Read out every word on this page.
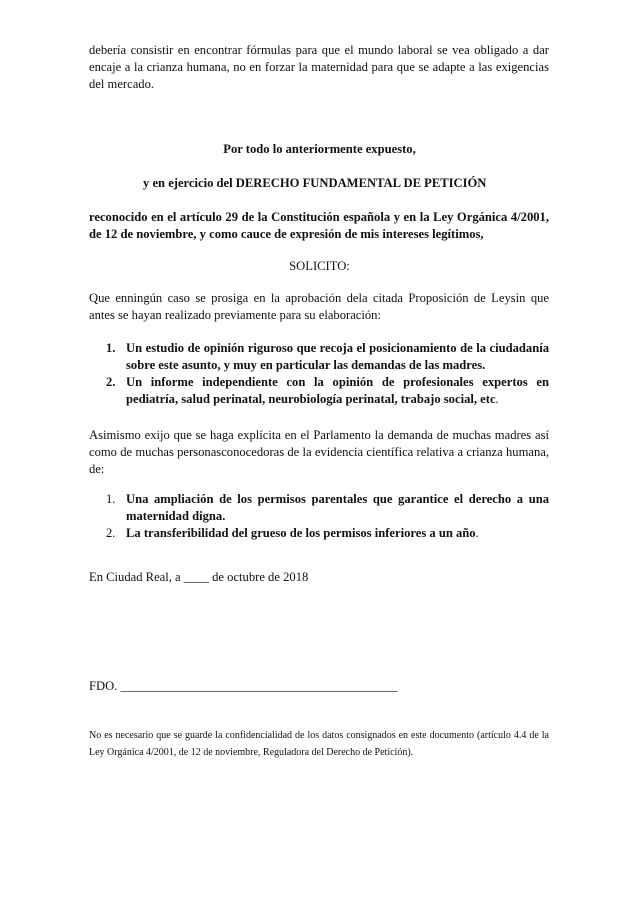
debería consistir en encontrar fórmulas para que el mundo laboral se vea obligado a dar encaje a la crianza humana, no en forzar la maternidad para que se adapte a las exigencias del mercado.

Por todo lo anteriormente expuesto,
y en ejercicio del DERECHO FUNDAMENTAL DE PETICIÓN

reconocido en el artículo 29 de la Constitución española y en la Ley Orgánica 4/2001, de 12 de noviembre, y como cauce de expresión de mis intereses legítimos,

SOLICITO:

Que enningún caso se prosiga en la aprobación dela citada Proposición de Leysin que antes se hayan realizado previamente para su elaboración:

1. Un estudio de opinión riguroso que recoja el posicionamiento de la ciudadanía sobre este asunto, y muy en particular las demandas de las madres.
2. Un informe independiente con la opinión de profesionales expertos en pediatría, salud perinatal, neurobiología perinatal, trabajo social, etc.

Asimismo exijo que se haga explícita en el Parlamento la demanda de muchas madres así como de muchas personasconocedoras de la evidencia científica relativa a crianza humana, de:

1. Una ampliación de los permisos parentales que garantice el derecho a una maternidad digna.
2. La transferibilidad del grueso de los permisos inferiores a un año.
En Ciudad Real, a ____ de octubre de 2018
FDO. ____________________________________________

No es necesario que se guarde la confidencialidad de los datos consignados en este documento (artículo 4.4 de la Ley Orgánica 4/2001, de 12 de noviembre, Reguladora del Derecho de Petición).
